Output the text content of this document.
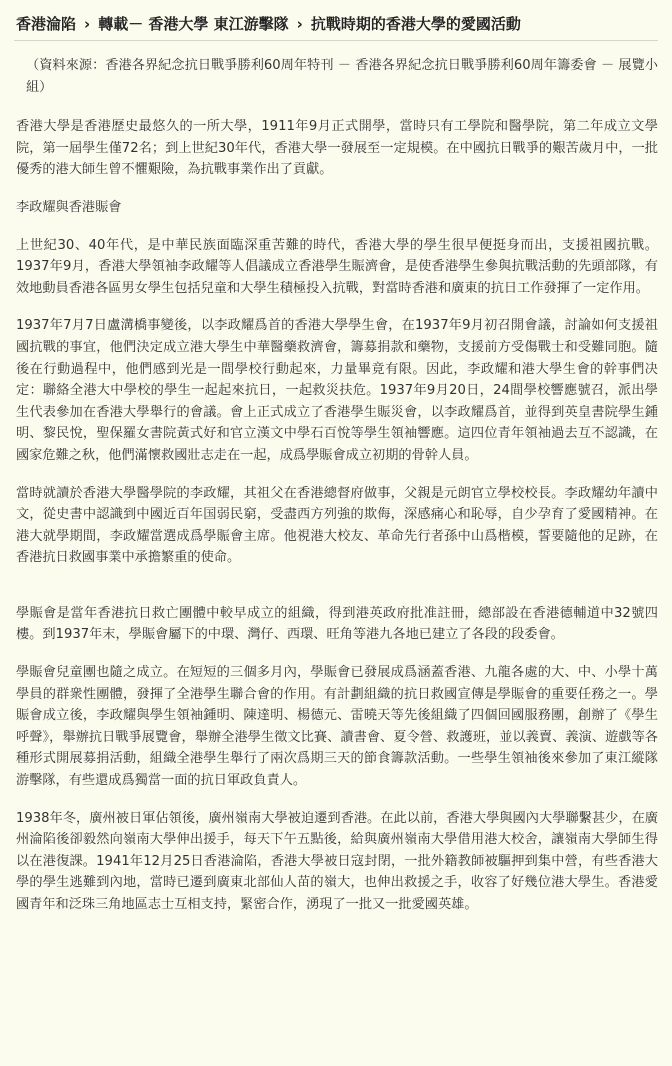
香港淪陷 › 轉載－ 香港大學 東江游擊隊 › 抗戰時期的香港大學的愛國活動

（資料來源：香港各界紀念抗日戰爭勝利60周年特刊 － 香港各界紀念抗日戰爭勝利60周年籌委會 － 展覽小組）

香港大學是香港歷史最悠久的一所大學，1911年9月正式開學，當時只有工學院和醫學院，第二年成立文學院，第一屆學生僅72名；到上世紀30年代，香港大學一發展至一定規模。在中國抗日戰爭的艱苦歲月中，一批優秀的港大師生曾不懼艱險，為抗戰事業作出了貢獻。

李政耀與香港賑會

上世紀30、40年代，是中華民族面臨深重苦難的時代，香港大學的學生很早便挺身而出，支援祖國抗戰。1937年9月，香港大學領袖李政耀等人倡議成立香港學生賑濟會，是使香港學生參與抗戰活動的先頭部隊，有效地動員香港各區男女學生包括兒童和大學生積極投入抗戰，對當時香港和廣東的抗日工作發揮了一定作用。

1937年7月7日盧溝橋事變後，以李政耀爲首的香港大學學生會，在1937年9月初召開會議，討論如何支援祖國抗戰的事宜，他們決定成立港大學生中華醫藥救濟會，籌募捐款和藥物，支援前方受傷戰士和受難同胞。隨後在行動過程中，他們感到光是一間學校行動起來，力量畢竟有限。因此，李政耀和港大學生會的幹事們决定：聯絡全港大中學校的學生一起起來抗日，一起救災扶危。1937年9月20日，24間學校響應號召，派出學生代表參加在香港大學舉行的會議。會上正式成立了香港學生賑災會，以李政耀爲首，並得到英皇書院學生鍾明、黎民悅，聖保羅女書院黃式好和官立漢文中學石百悅等學生領袖響應。這四位青年領袖過去互不認識，在國家危難之秋，他們滿懷救國壯志走在一起，成爲學賑會成立初期的骨幹人員。

當時就讀於香港大學醫學院的李政耀，其祖父在香港總督府做事，父親是元朗官立學校校長。李政耀幼年讀中文，從史書中認識到中國近百年国弱民窮，受盡西方列強的欺侮，深感痛心和恥辱，自少孕育了愛國精神。在港大就學期間，李政耀當選成爲學賑會主席。他視港大校友、革命先行者孫中山爲楷模，誓要隨他的足跡，在香港抗日救國事業中承擔繁重的使命。

學賑會是當年香港抗日救亡團體中較早成立的組織，得到港英政府批准註冊，總部設在香港德輔道中32號四樓。到1937年末，學賑會屬下的中環、灣仔、西環、旺角等港九各地已建立了各段的段委會。

學賑會兒童團也隨之成立。在短短的三個多月內，學賑會已發展成爲涵蓋香港、九龍各處的大、中、小學十萬學員的群衆性團體，發揮了全港學生聯合會的作用。有計劃組織的抗日救國宣傳是學賑會的重要任務之一。學賑會成立後，李政耀與學生領袖鍾明、陳達明、楊德元、雷曉天等先後組織了四個回國服務團，創辦了《學生呼聲》，舉辦抗日戰爭展覽會，舉辦全港學生徵文比賽、讀書會、夏令營、救護班，並以義賣、義演、遊戲等各種形式開展募捐活動，組織全港學生舉行了兩次爲期三天的節食籌款活動。一些學生領袖後來參加了東江縱隊游擊隊，有些還成爲獨當一面的抗日軍政負責人。

1938年冬，廣州被日軍佔領後，廣州嶺南大學被迫遷到香港。在此以前，香港大學與國內大學聯繫甚少，在廣州淪陷後卻毅然向嶺南大學伸出援手，每天下午五點後，給與廣州嶺南大學借用港大校舍，讓嶺南大學師生得以在港復課。1941年12月25日香港淪陷，香港大學被日寇封閉，一批外籍教師被驅押到集中營，有些香港大學的學生逃難到內地，當時已遷到廣東北部仙人苗的嶺大，也伸出救援之手，收容了好幾位港大學生。香港愛國青年和泛珠三角地區志士互相支持，緊密合作，湧現了一批又一批愛國英雄。
